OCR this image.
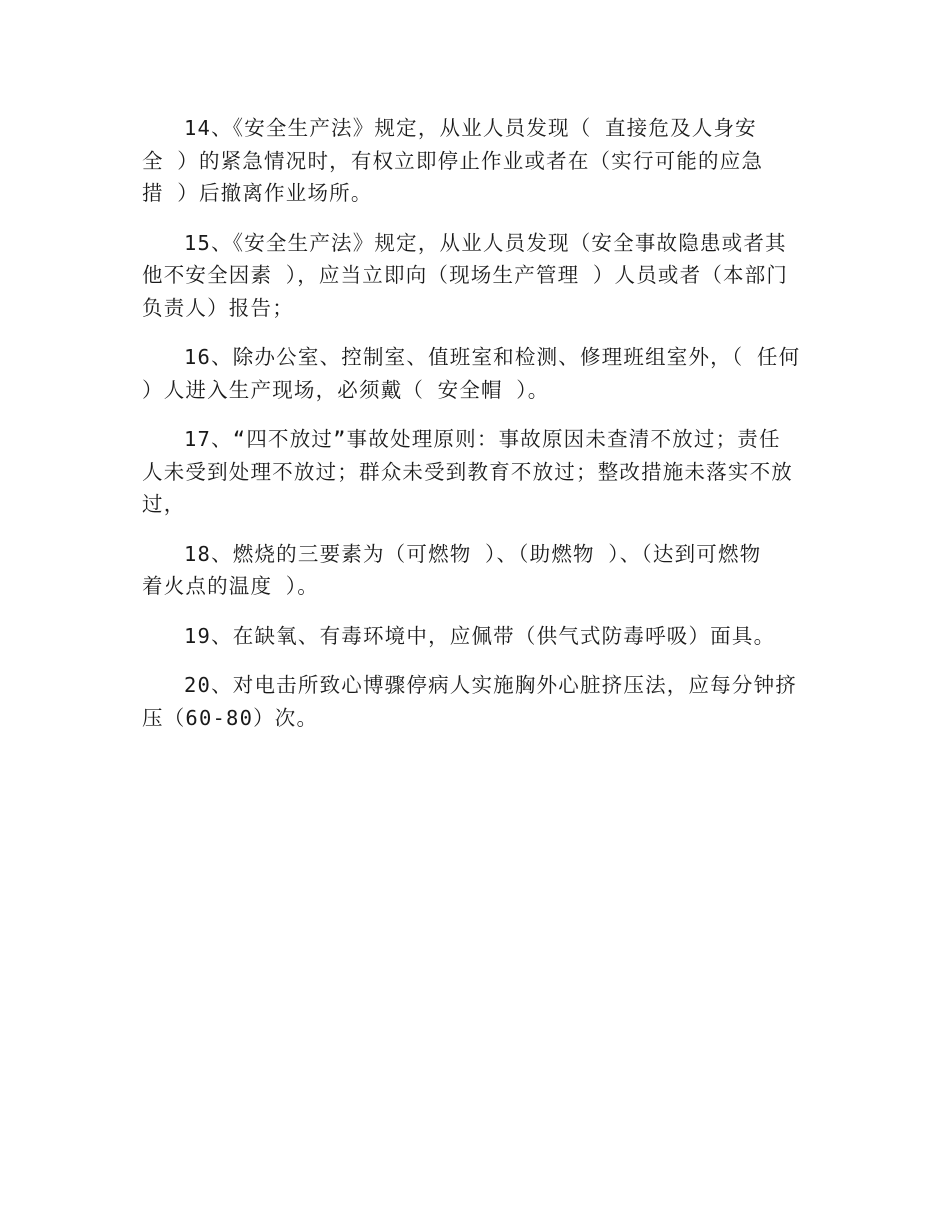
14、《安全生产法》规定，从业人员发现（ 直接危及人身安
全 ）的紧急情况时，有权立即停止作业或者在（实行可能的应急
措 ）后撤离作业场所。

15、《安全生产法》规定，从业人员发现（安全事故隐患或者其
他不安全因素 ），应当立即向（现场生产管理 ）人员或者（本部门
负责人）报告；

16、除办公室、控制室、值班室和检测、修理班组室外，（ 任何
）人进入生产现场，必须戴（ 安全帽 ）。

17、“四不放过”事故处理原则：事故原因未查清不放过；责任
人未受到处理不放过；群众未受到教育不放过；整改措施未落实不放
过，

18、燃烧的三要素为（可燃物 ）、（助燃物 ）、（达到可燃物
着火点的温度 ）。

19、在缺氧、有毒环境中，应佩带（供气式防毒呼吸）面具。

20、对电击所致心博骤停病人实施胸外心脏挤压法，应每分钟挤
压（60-80）次。
